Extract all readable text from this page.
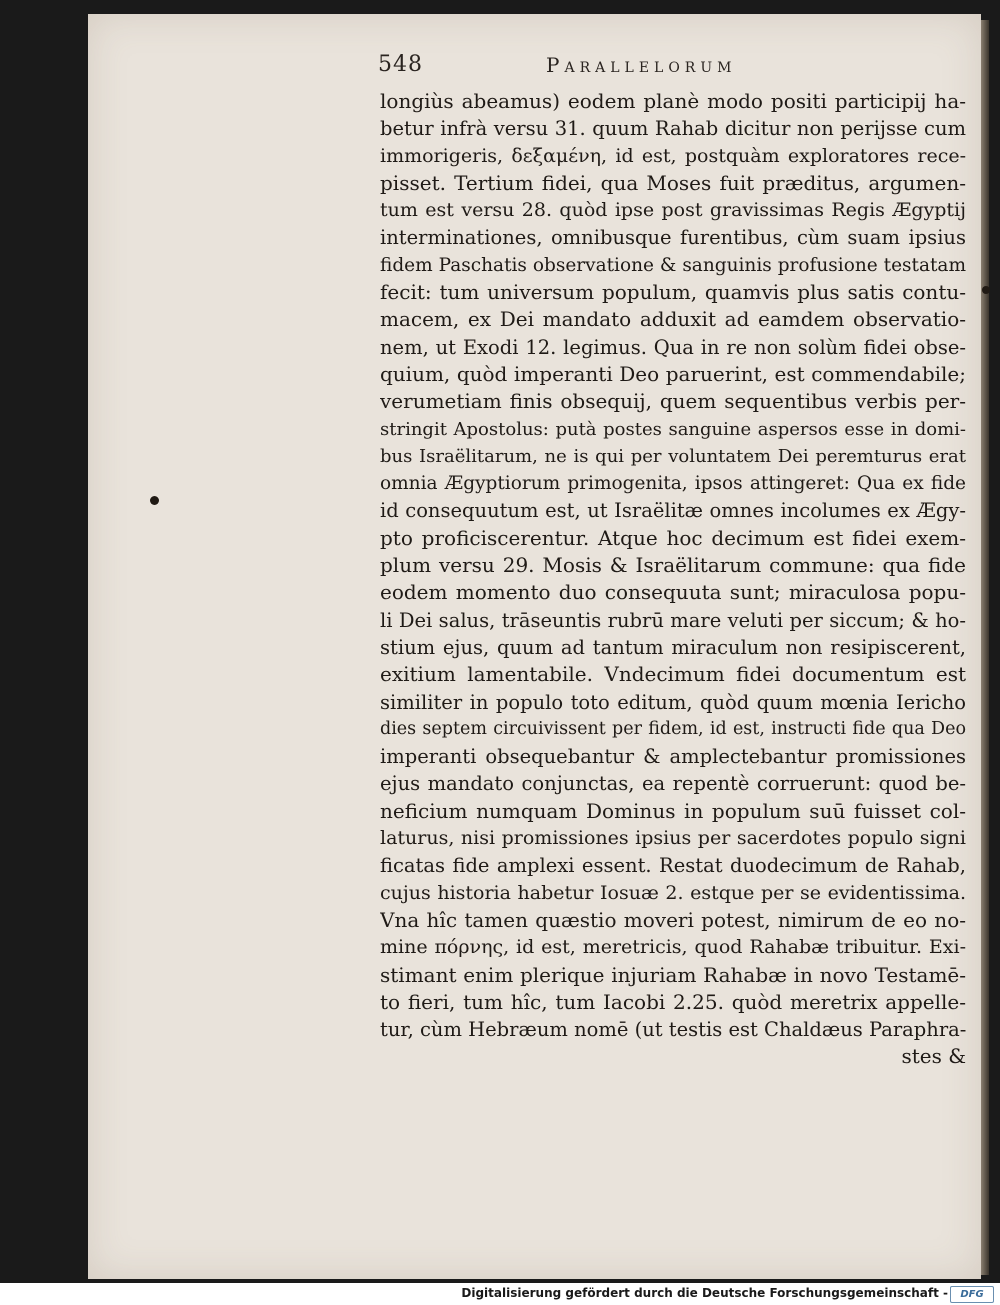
548	Parallelorum
longiùs abeamus) eodem planè modo positi participij ha-
betur infrà versu 31. quum Rahab dicitur non perijsse cum
immorigeris, δεξαμένη, id est, postquàm exploratores rece-
pisset. Tertium fidei, qua Moses fuit præditus, argumen-
tum est versu 28. quòd ipse post gravissimas Regis Ægyptij
interminationes, omnibusque furentibus, cùm suam ipsius
fidem Paschatis observatione & sanguinis profusione testatam
fecit: tum universum populum, quamvis plus satis contu-
macem, ex Dei mandato adduxit ad eamdem observatio-
nem, ut Exodi 12. legimus. Qua in re non solùm fidei obse-
quium, quòd imperanti Deo paruerint, est commendabile;
verumetiam finis obsequij, quem sequentibus verbis per-
stringit Apostolus: putà postes sanguine aspersos esse in domi-
bus Israëlitarum, ne is qui per voluntatem Dei peremturus erat
omnia Ægyptiorum primogenita, ipsos attingeret: Qua ex fide
id consequutum est, ut Israëlitæ omnes incolumes ex Ægy-
pto proficiscerentur. Atque hoc decimum est fidei exem-
plum versu 29. Mosis & Israëlitarum commune: qua fide
eodem momento duo consequuta sunt; miraculosa popu-
li Dei salus, trāseuntis rubrū mare veluti per siccum; & ho-
stium ejus, quum ad tantum miraculum non resipiscerent,
exitium lamentabile. Vndecimum fidei documentum est
similiter in populo toto editum, quòd quum mœnia Iericho
dies septem circuivissent per fidem, id est, instructi fide qua Deo
imperanti obsequebantur & amplectebantur promissiones
ejus mandato conjunctas, ea repentè corruerunt: quod be-
neficium numquam Dominus in populum suū fuisset col-
laturus, nisi promissiones ipsius per sacerdotes populo signi
ficatas fide amplexi essent. Restat duodecimum de Rahab,
cujus historia habetur Iosuæ 2. estque per se evidentissima.
Vna hîc tamen quæstio moveri potest, nimirum de eo no-
mine πόρνης, id est, meretricis, quod Rahabæ tribuitur. Exi-
stimant enim plerique injuriam Rahabæ in novo Testamē-
to fieri, tum hîc, tum Iacobi 2.25. quòd meretrix appelle-
tur, cùm Hebræum nomē (ut testis est Chaldæus Paraphra-
stes &
Digitalisierung gefördert durch die Deutsche Forschungsgemeinschaft -	DFG
